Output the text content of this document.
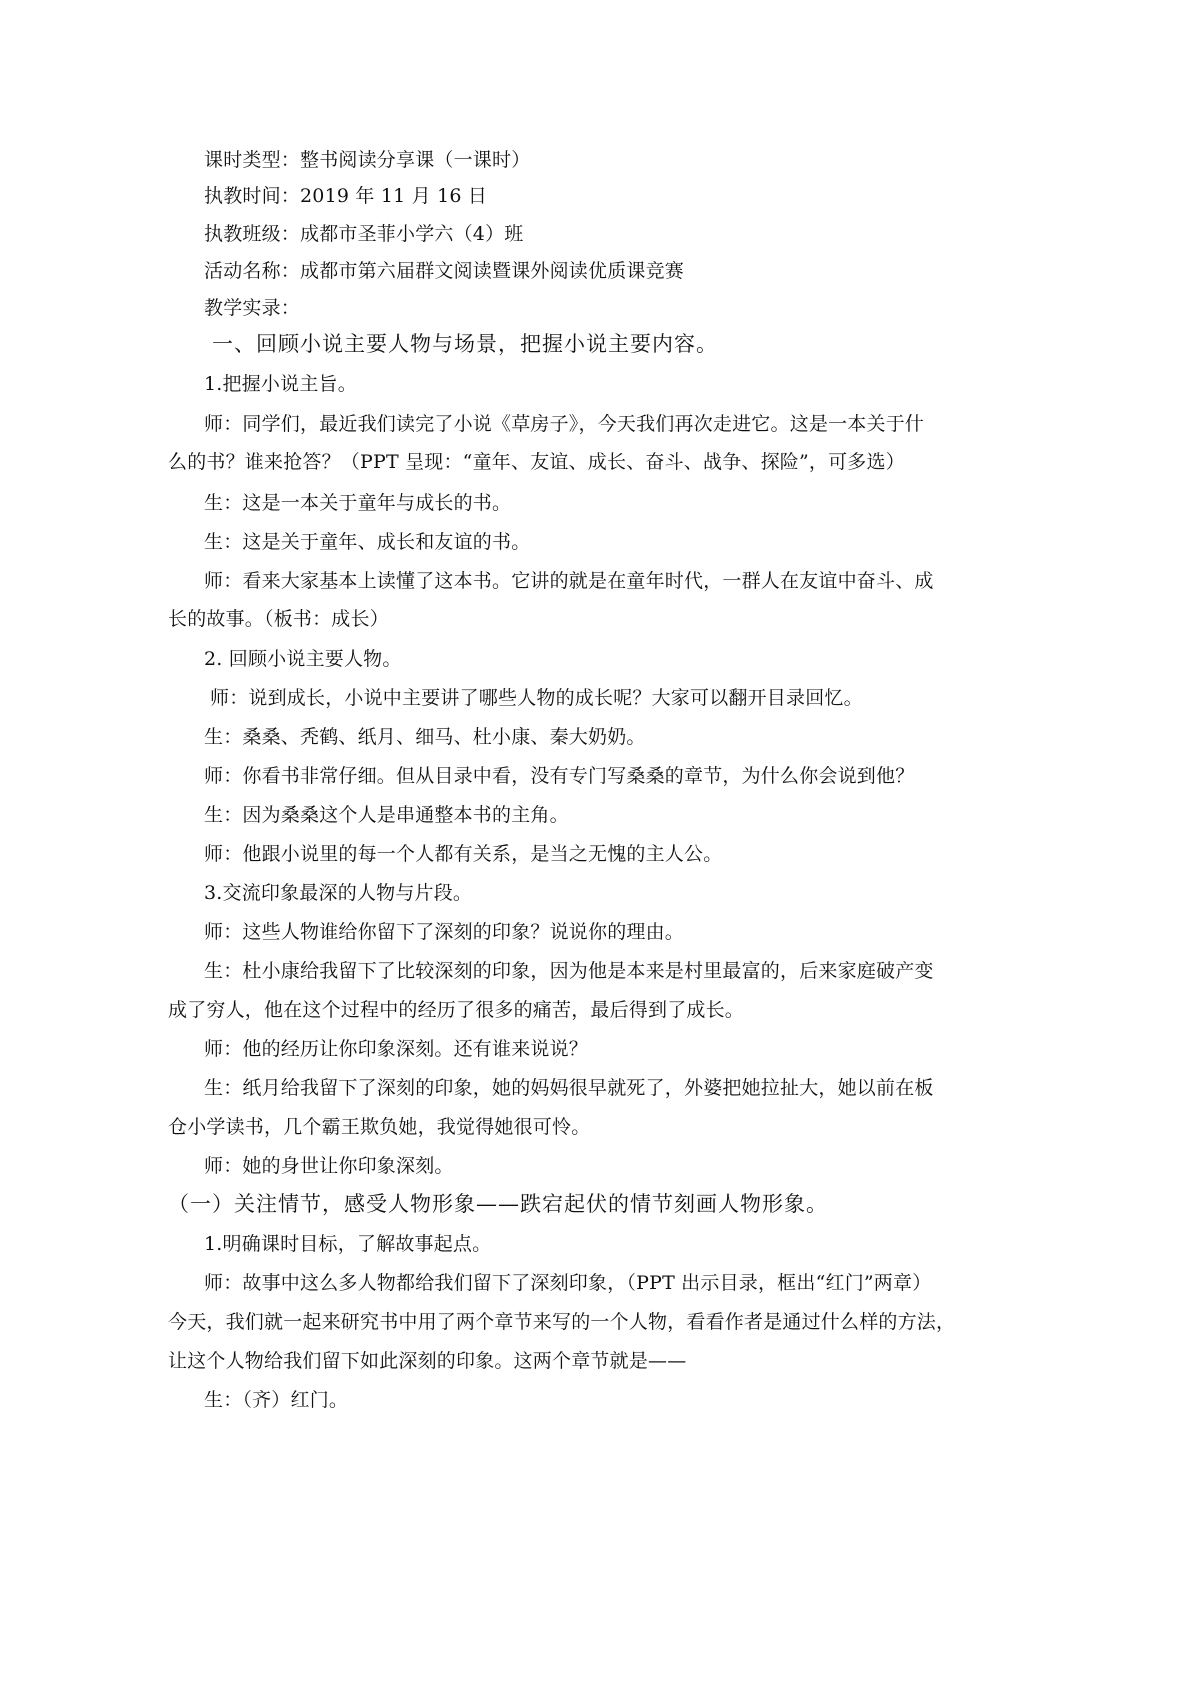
课时类型：整书阅读分享课（一课时）
执教时间：2019 年 11 月 16 日
执教班级：成都市圣菲小学六（4）班
活动名称：成都市第六届群文阅读暨课外阅读优质课竞赛
教学实录：
一、回顾小说主要人物与场景，把握小说主要内容。
1.把握小说主旨。
师：同学们，最近我们读完了小说《草房子》，今天我们再次走进它。这是一本关于什
么的书？谁来抢答？（PPT 呈现：“童年、友谊、成长、奋斗、战争、探险”，可多选）
生：这是一本关于童年与成长的书。
生：这是关于童年、成长和友谊的书。
师：看来大家基本上读懂了这本书。它讲的就是在童年时代，一群人在友谊中奋斗、成
长的故事。（板书：成长）
2. 回顾小说主要人物。
师：说到成长，小说中主要讲了哪些人物的成长呢？大家可以翻开目录回忆。
生：桑桑、秃鹤、纸月、细马、杜小康、秦大奶奶。
师：你看书非常仔细。但从目录中看，没有专门写桑桑的章节，为什么你会说到他？
生：因为桑桑这个人是串通整本书的主角。
师：他跟小说里的每一个人都有关系，是当之无愧的主人公。
3.交流印象最深的人物与片段。
师：这些人物谁给你留下了深刻的印象？说说你的理由。
生：杜小康给我留下了比较深刻的印象，因为他是本来是村里最富的，后来家庭破产变
成了穷人，他在这个过程中的经历了很多的痛苦，最后得到了成长。
师：他的经历让你印象深刻。还有谁来说说？
生：纸月给我留下了深刻的印象，她的妈妈很早就死了，外婆把她拉扯大，她以前在板
仓小学读书，几个霸王欺负她，我觉得她很可怜。
师：她的身世让你印象深刻。
（一）关注情节，感受人物形象——跌宕起伏的情节刻画人物形象。
1.明确课时目标，了解故事起点。
师：故事中这么多人物都给我们留下了深刻印象，（PPT 出示目录，框出“红门”两章）
今天，我们就一起来研究书中用了两个章节来写的一个人物，看看作者是通过什么样的方法，
让这个人物给我们留下如此深刻的印象。这两个章节就是——
生：（齐）红门。
